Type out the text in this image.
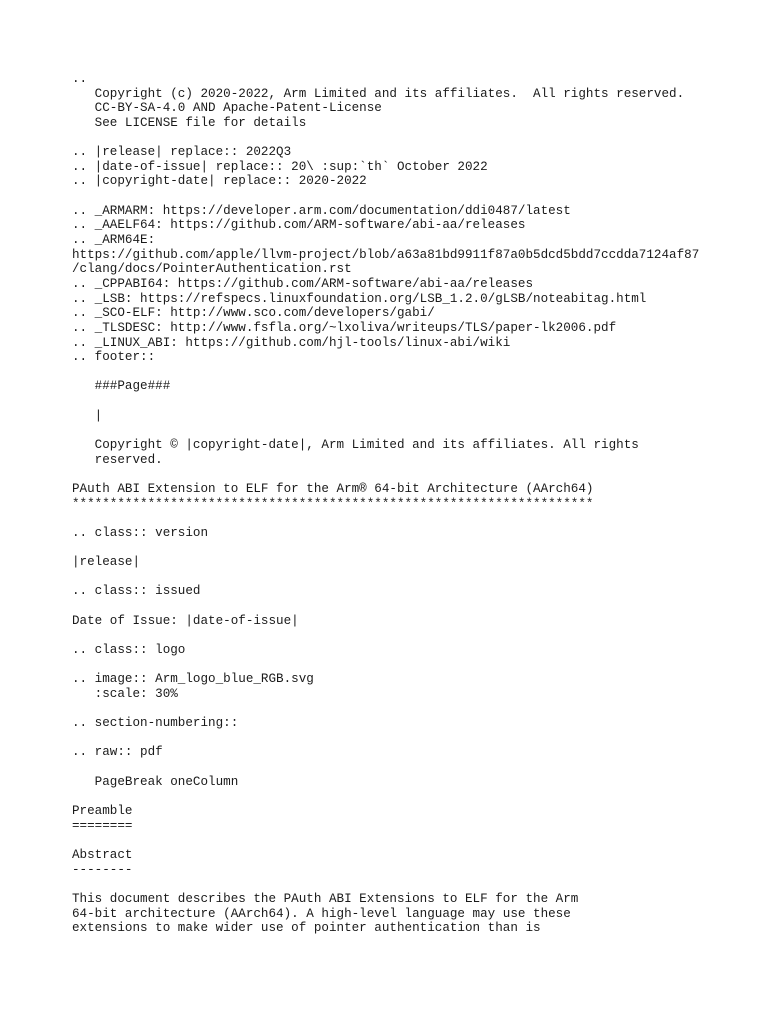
..
Copyright (c) 2020-2022, Arm Limited and its affiliates.  All rights reserved.
CC-BY-SA-4.0 AND Apache-Patent-License
See LICENSE file for details
.. |release| replace:: 2022Q3
.. |date-of-issue| replace:: 20\ :sup:`th` October 2022
.. |copyright-date| replace:: 2020-2022
.. _ARMARM: https://developer.arm.com/documentation/ddi0487/latest
.. _AAELF64: https://github.com/ARM-software/abi-aa/releases
.. _ARM64E:
https://github.com/apple/llvm-project/blob/a63a81bd9911f87a0b5dcd5bdd7ccdda7124af87
/clang/docs/PointerAuthentication.rst
.. _CPPABI64: https://github.com/ARM-software/abi-aa/releases
.. _LSB: https://refspecs.linuxfoundation.org/LSB_1.2.0/gLSB/noteabitag.html
.. _SCO-ELF: http://www.sco.com/developers/gabi/
.. _TLSDESC: http://www.fsfla.org/~lxoliva/writeups/TLS/paper-lk2006.pdf
.. _LINUX_ABI: https://github.com/hjl-tools/linux-abi/wiki
.. footer::
###Page###
|
Copyright © |copyright-date|, Arm Limited and its affiliates. All rights
reserved.
PAuth ABI Extension to ELF for the Arm® 64-bit Architecture (AArch64)
*********************************************************************
.. class:: version
|release|
.. class:: issued
Date of Issue: |date-of-issue|
.. class:: logo
.. image:: Arm_logo_blue_RGB.svg
:scale: 30%
.. section-numbering::
.. raw:: pdf
PageBreak oneColumn
Preamble
========
Abstract
--------
This document describes the PAuth ABI Extensions to ELF for the Arm
64-bit architecture (AArch64). A high-level language may use these
extensions to make wider use of pointer authentication than is
